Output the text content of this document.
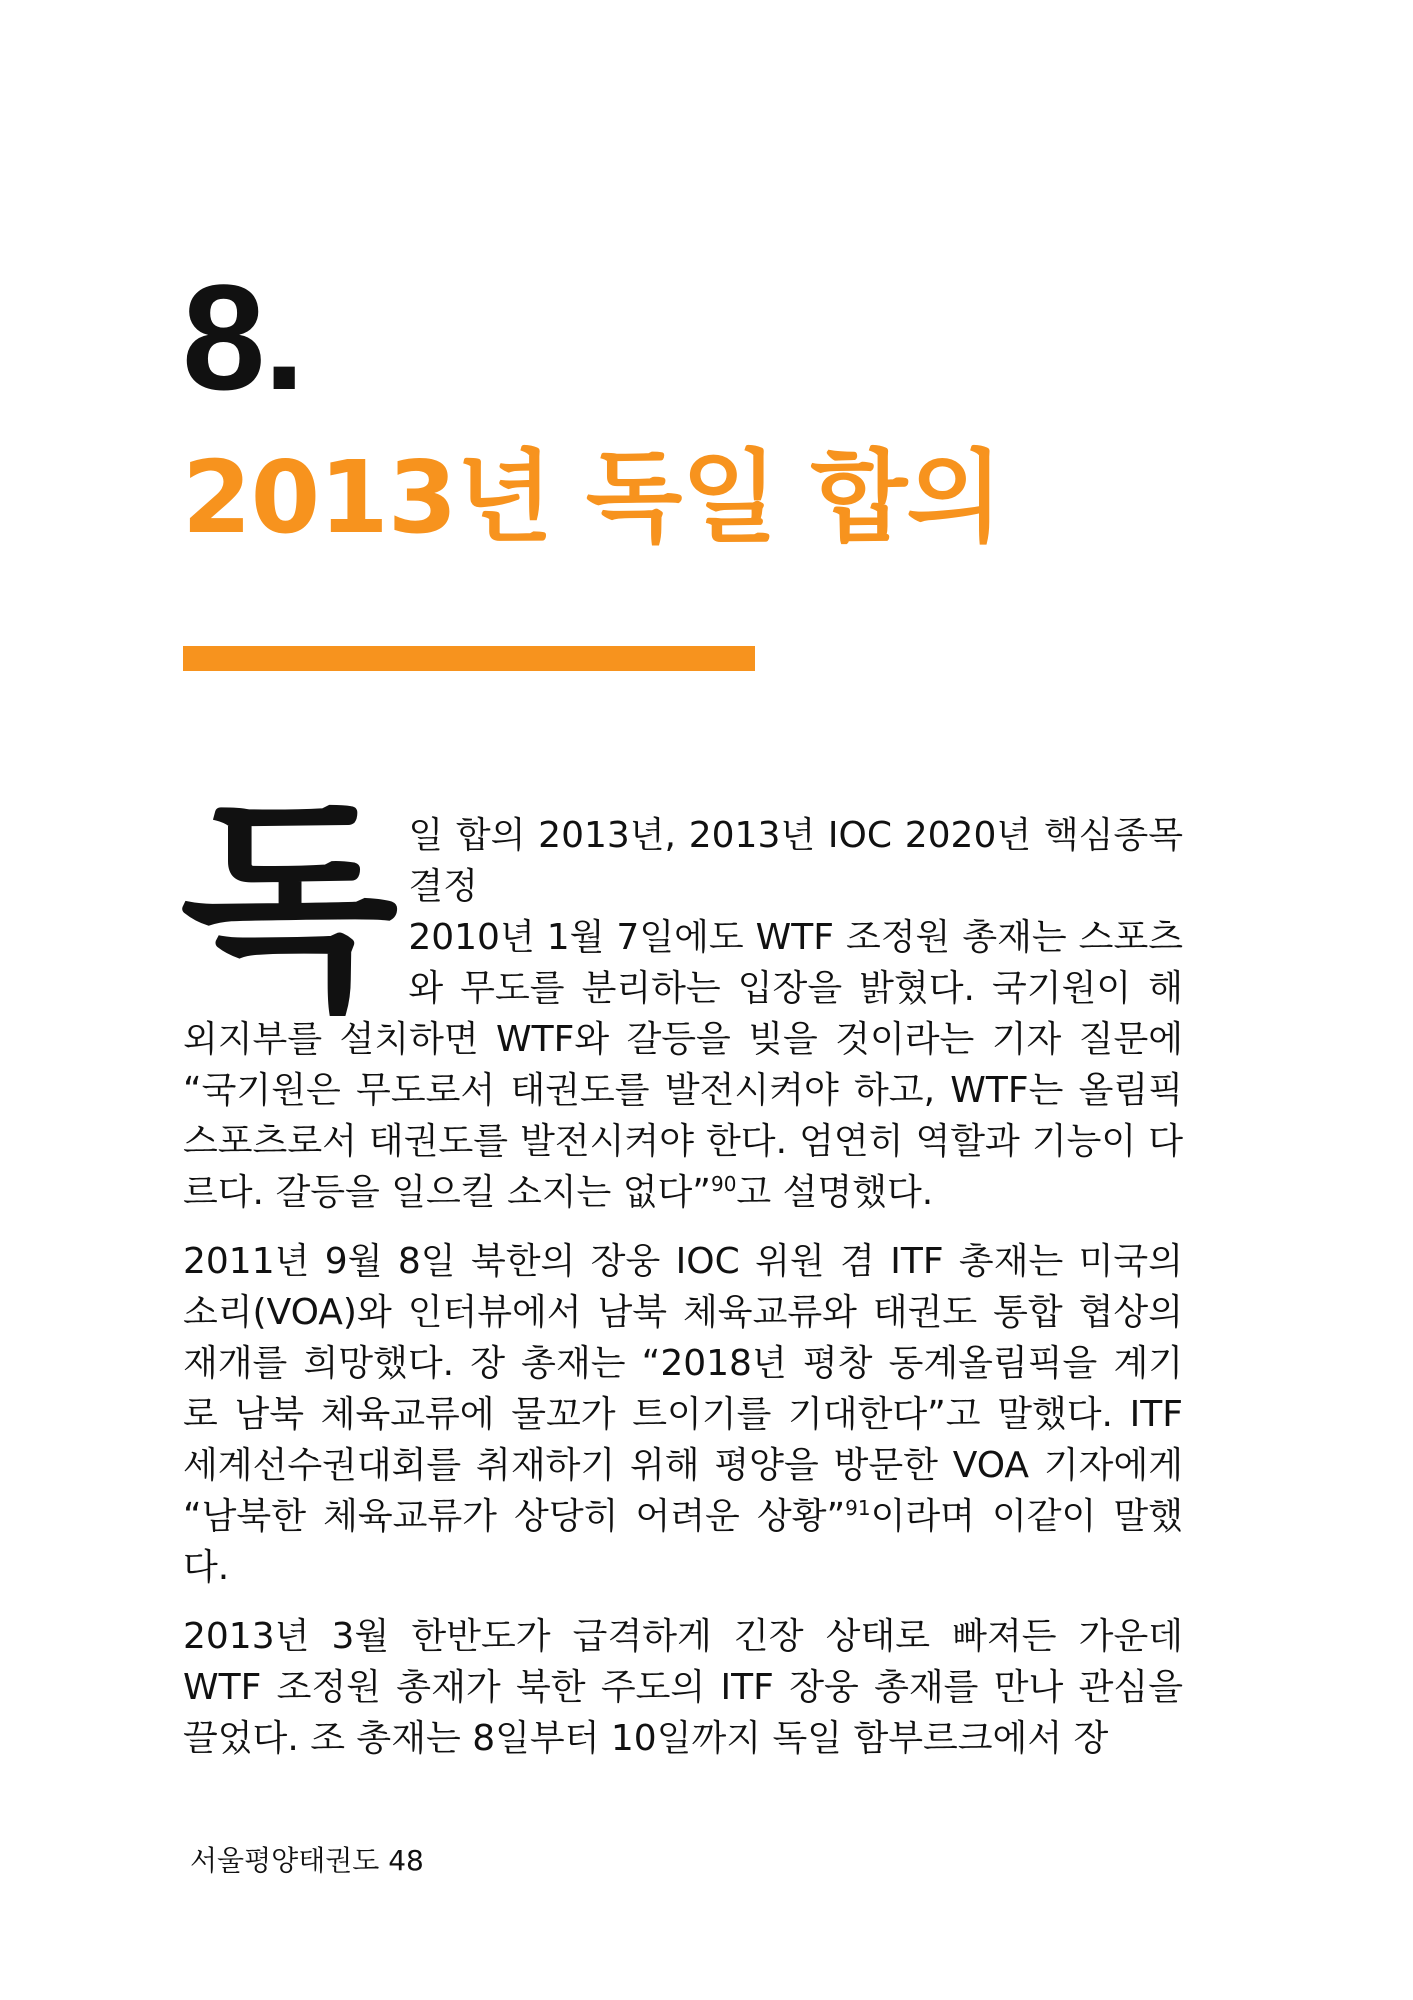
8.
2013년 독일 합의

독 일 합의 2013년, 2013년 IOC 2020년 핵심종목 결정
2010년 1월 7일에도 WTF 조정원 총재는 스포츠와 무도를 분리하는 입장을 밝혔다. 국기원이 해외지부를 설치하면 WTF와 갈등을 빚을 것이라는 기자 질문에 “국기원은 무도로서 태권도를 발전시켜야 하고, WTF는 올림픽 스포츠로서 태권도를 발전시켜야 한다. 엄연히 역할과 기능이 다르다. 갈등을 일으킬 소지는 없다”$^{90}$고 설명했다.

2011년 9월 8일 북한의 장웅 IOC 위원 겸 ITF 총재는 미국의 소리(VOA)와 인터뷰에서 남북 체육교류와 태권도 통합 협상의 재개를 희망했다. 장 총재는 “2018년 평창 동계올림픽을 계기로 남북 체육교류에 물꼬가 트이기를 기대한다”고 말했다. ITF 세계선수권대회를 취재하기 위해 평양을 방문한 VOA 기자에게 “남북한 체육교류가 상당히 어려운 상황”$^{91}$이라며 이같이 말했다.

2013년 3월 한반도가 급격하게 긴장 상태로 빠져든 가운데 WTF 조정원 총재가 북한 주도의 ITF 장웅 총재를 만나 관심을 끌었다. 조 총재는 8일부터 10일까지 독일 함부르크에서 장

서울평양태권도 48
